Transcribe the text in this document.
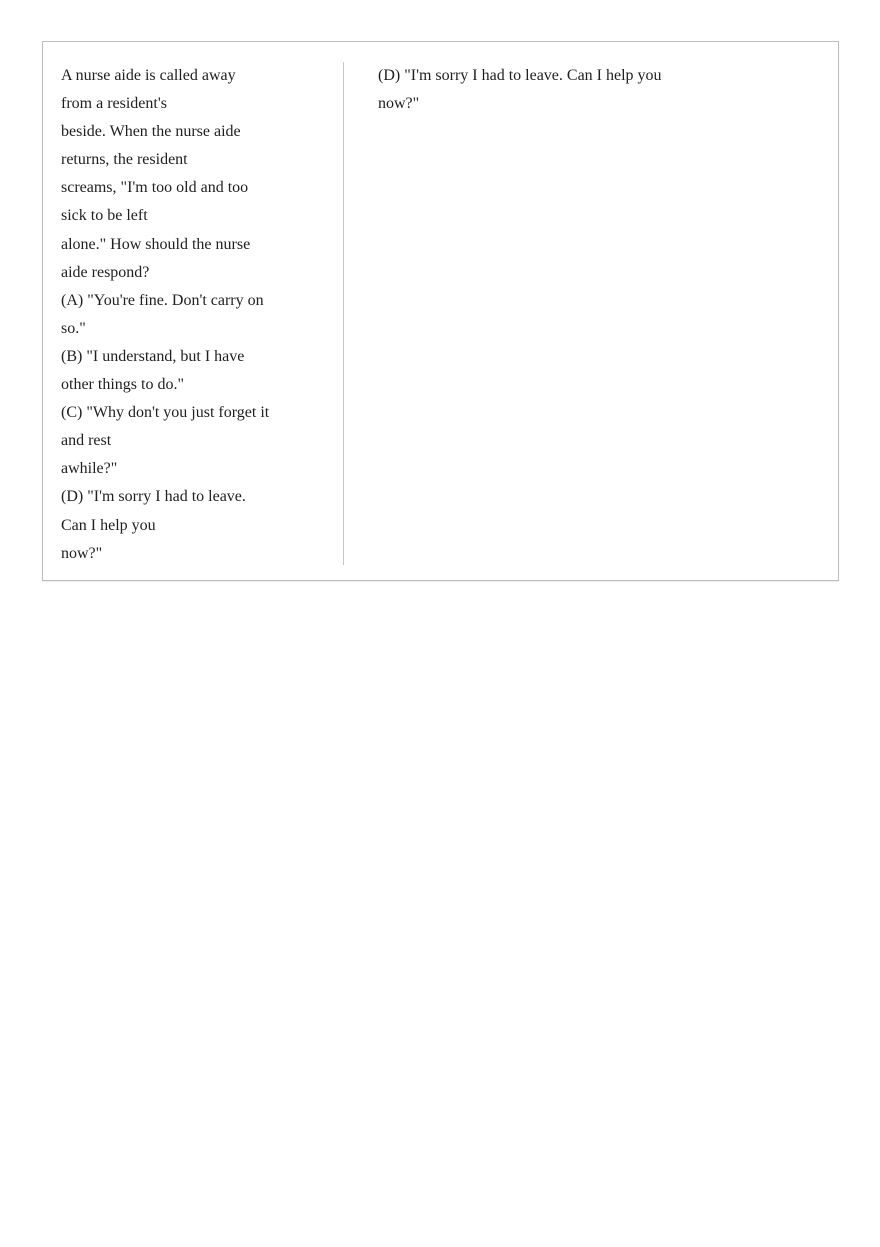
A nurse aide is called away
from a resident's
beside. When the nurse aide
returns, the resident
screams, "I'm too old and too
sick to be left
alone." How should the nurse
aide respond?
(A) "You're fine. Don't carry on
so."
(B) "I understand, but I have
other things to do."
(C) "Why don't you just forget it
and rest
awhile?"
(D) "I'm sorry I had to leave.
Can I help you
now?"
(D) "I'm sorry I had to leave. Can I help you
now?"
